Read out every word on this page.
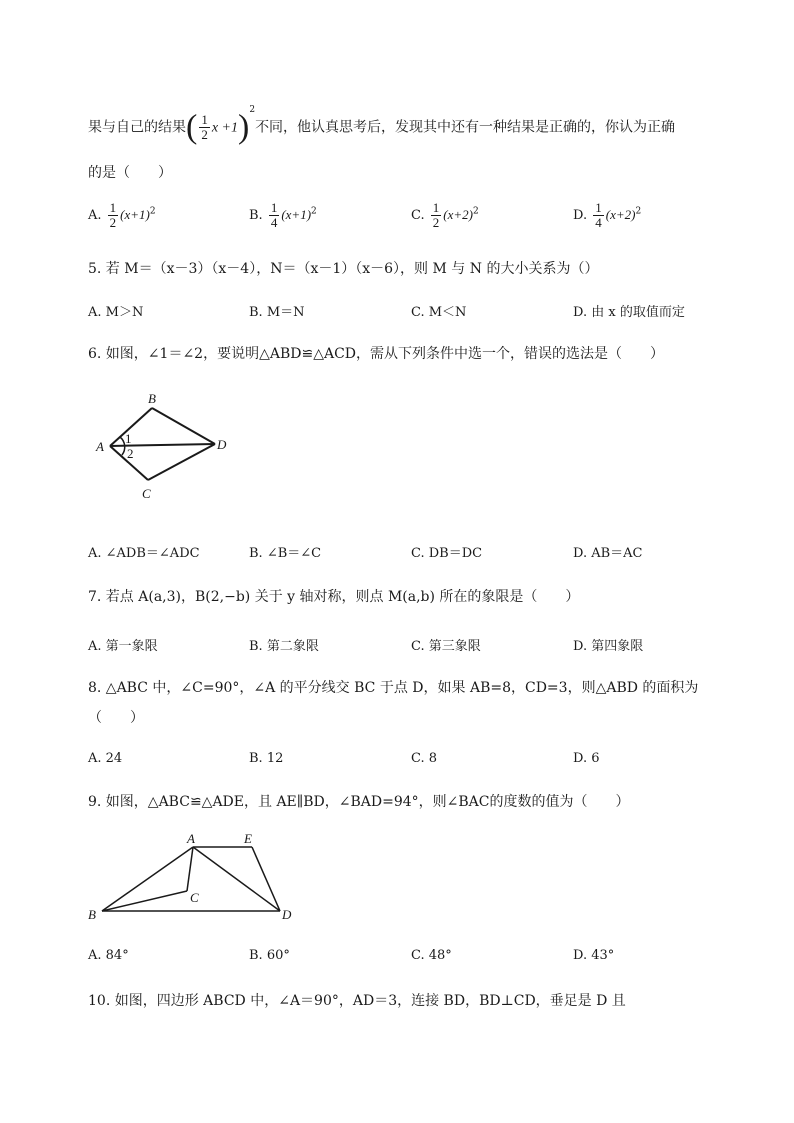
果与自己的结果( $\frac{1}{2}$ x +1)$^2$不同，他认真思考后，发现其中还有一种结果是正确的，你认为正确
的是（　　）
A. $\frac{1}{2} (x+1)^2$	B. $\frac{1}{4} (x+1)^2$	C. $\frac{1}{2} (x+2)^2$	D. $\frac{1}{4} (x+2)^2$
5. 若 M＝（x－3）（x－4），N＝（x－1）（x－6），则 M 与 N 的大小关系为（）
A. M＞N	B. M＝N	C. M＜N	D. 由 x 的取值而定
6. 如图，∠1＝∠2，要说明△ABD≌△ACD，需从下列条件中选一个，错误的选法是（　　）
A
B
C
D
1
2
A. ∠ADB＝∠ADC	B. ∠B＝∠C	C. DB＝DC	D. AB＝AC
7. 若点 A(a,3)，B(2,−b) 关于 y 轴对称，则点 M(a,b) 所在的象限是（　　）
A. 第一象限	B. 第二象限	C. 第三象限	D. 第四象限
8. △ABC 中，∠C=90°，∠A 的平分线交 BC 于点 D，如果 AB=8，CD=3，则△ABD 的面积为
（　　）
A. 24	B. 12	C. 8	D. 6
9. 如图，△ABC≌△ADE，且 AE∥BD，∠BAD=94°，则∠BAC的度数的值为（　　）
A	E
B
C
D
A. 84°	B. 60°	C. 48°	D. 43°
10. 如图，四边形 ABCD 中，∠A＝90°，AD＝3，连接 BD，BD⊥CD，垂足是 D 且
